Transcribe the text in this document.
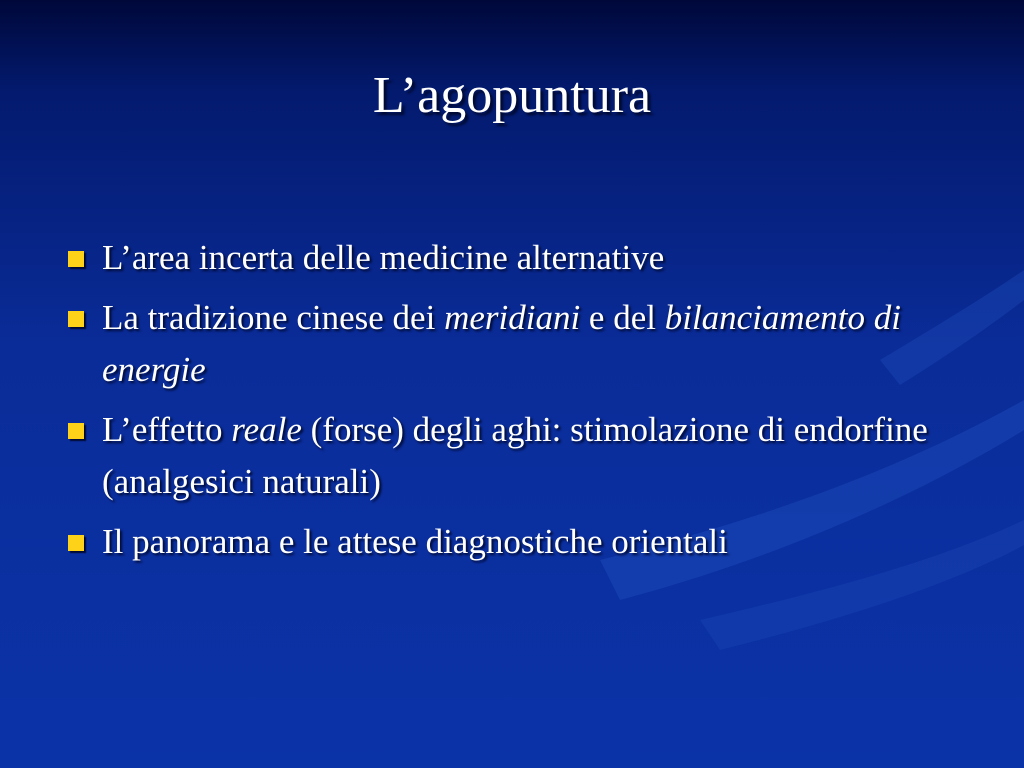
L’agopuntura
L’area incerta delle medicine alternative
La tradizione cinese dei meridiani e del bilanciamento di energie
L’effetto reale (forse) degli aghi: stimolazione di endorfine (analgesici naturali)
Il panorama e le attese diagnostiche orientali
